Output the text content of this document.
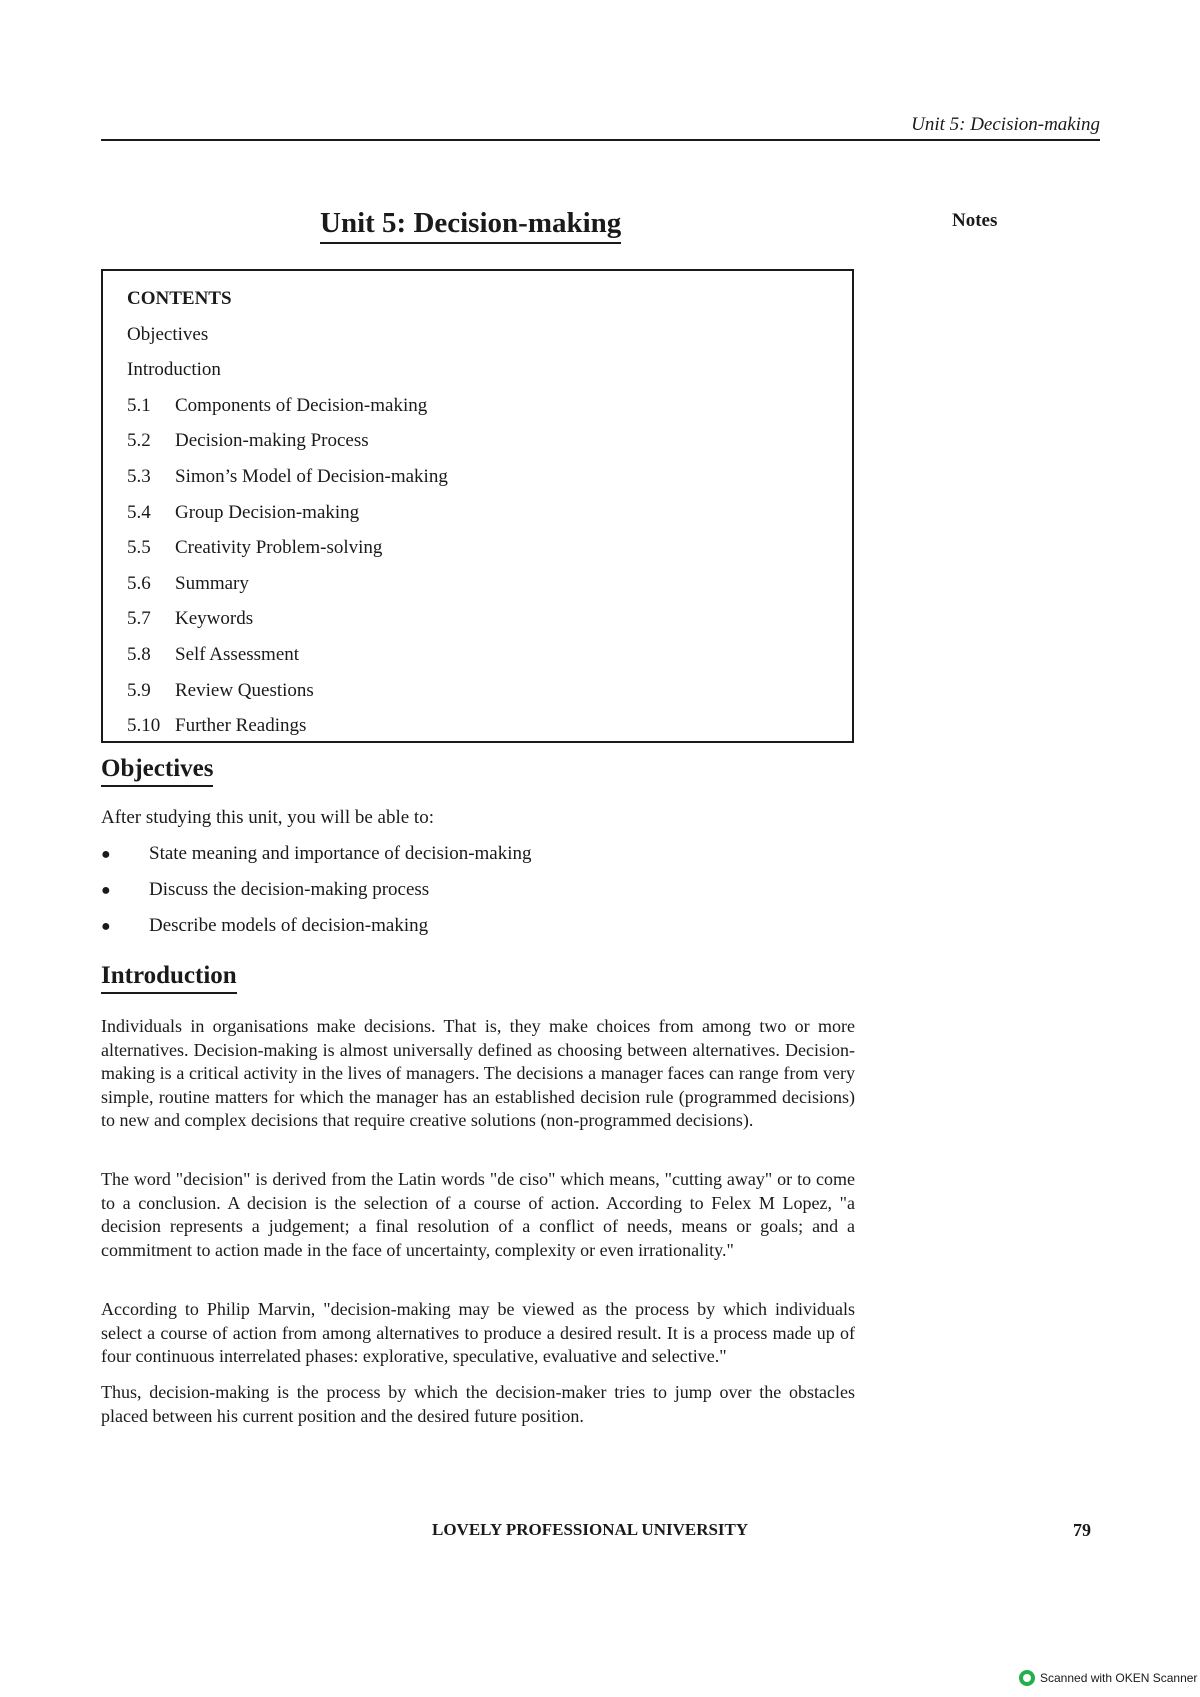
Unit 5: Decision-making
Unit 5: Decision-making	Notes
CONTENTS
Objectives
Introduction
5.1 Components of Decision-making
5.2 Decision-making Process
5.3 Simon’s Model of Decision-making
5.4 Group Decision-making
5.5 Creativity Problem-solving
5.6 Summary
5.7 Keywords
5.8 Self Assessment
5.9 Review Questions
5.10 Further Readings
Objectives
After studying this unit, you will be able to:
● State meaning and importance of decision-making
● Discuss the decision-making process
● Describe models of decision-making
Introduction

Individuals in organisations make decisions. That is, they make choices from among two or more alternatives. Decision-making is almost universally defined as choosing between alternatives. Decision-making is a critical activity in the lives of managers. The decisions a manager faces can range from very simple, routine matters for which the manager has an established decision rule (programmed decisions) to new and complex decisions that require creative solutions (non-programmed decisions).

The word "decision" is derived from the Latin words "de ciso" which means, "cutting away" or to come to a conclusion. A decision is the selection of a course of action. According to Felex M Lopez, "a decision represents a judgement; a final resolution of a conflict of needs, means or goals; and a commitment to action made in the face of uncertainty, complexity or even irrationality."

According to Philip Marvin, "decision-making may be viewed as the process by which individuals select a course of action from among alternatives to produce a desired result. It is a process made up of four continuous interrelated phases: explorative, speculative, evaluative and selective."

Thus, decision-making is the process by which the decision-maker tries to jump over the obstacles placed between his current position and the desired future position.

LOVELY PROFESSIONAL UNIVERSITY	79
Scanned with OKEN Scanner
